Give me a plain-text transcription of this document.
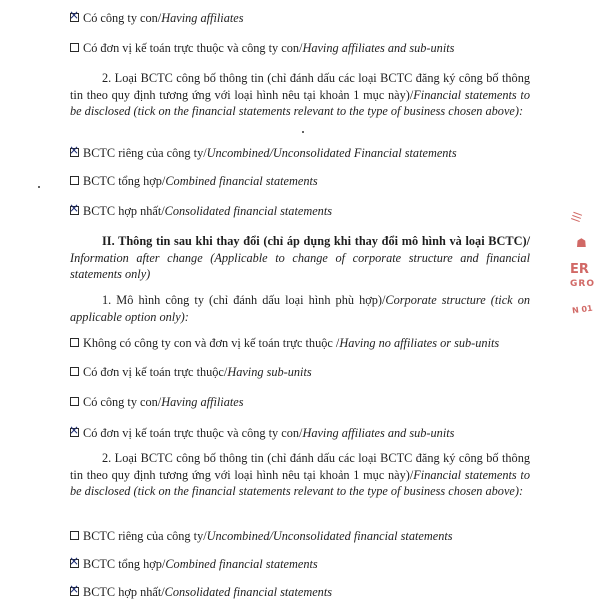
×Có công ty con/Having affiliates
Có đơn vị kế toán trực thuộc và công ty con/Having affiliates and sub-units
2. Loại BCTC công bố thông tin (chỉ đánh dấu các loại BCTC đăng ký công bố thông tin theo quy định tương ứng với loại hình nêu tại khoản 1 mục này)/Financial statements to be disclosed (tick on the financial statements relevant to the type of business chosen above):
×BCTC riêng của công ty/Uncombined/Unconsolidated Financial statements
BCTC tổng hợp/Combined financial statements
×BCTC hợp nhất/Consolidated financial statements
II. Thông tin sau khi thay đổi (chỉ áp dụng khi thay đổi mô hình và loại BCTC)/ Information after change (Applicable to change of corporate structure and financial statements only)
1. Mô hình công ty (chỉ đánh dấu loại hình phù hợp)/Corporate structure (tick on applicable option only):
Không có công ty con và đơn vị kế toán trực thuộc /Having no affiliates or sub-units
Có đơn vị kế toán trực thuộc/Having sub-units
Có công ty con/Having affiliates
×Có đơn vị kế toán trực thuộc và công ty con/Having affiliates and sub-units
2. Loại BCTC công bố thông tin (chỉ đánh dấu các loại BCTC đăng ký công bố thông tin theo quy định tương ứng với loại hình nêu tại khoản 1 mục này)/Financial statements to be disclosed (tick on the financial statements relevant to the type of business chosen above):
BCTC riêng của công ty/Uncombined/Unconsolidated financial statements
×BCTC tổng hợp/Combined financial statements
×BCTC hợp nhất/Consolidated financial statements
|||
☗
ER
GRO
N 01
